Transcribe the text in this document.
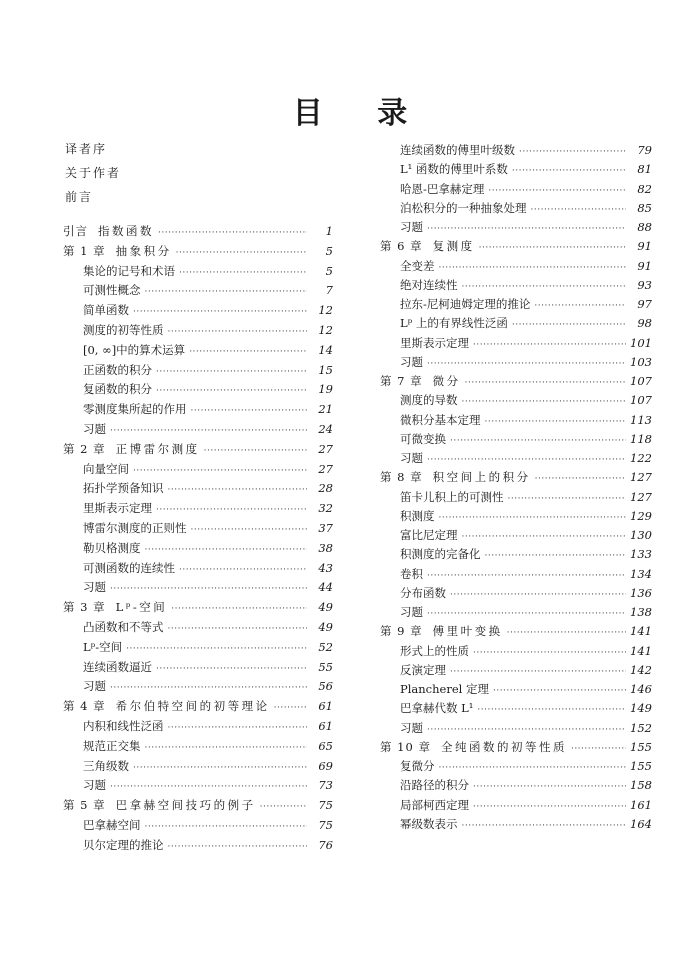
目 录
译者序
关于作者
前言
引言 指数函数 ·····	1
第 1 章 抽象积分 ·····	5
集论的记号和术语 ·····	5
可测性概念 ·····	7
简单函数 ·····	12
测度的初等性质 ·····	12
[0, ∞]中的算术运算 ·····	14
正函数的积分 ·····	15
复函数的积分 ·····	19
零测度集所起的作用 ·····	21
习题 ·····	24
第 2 章 正博雷尔测度 ·····	27
向量空间 ·····	27
拓扑学预备知识 ·····	28
里斯表示定理 ·····	32
博雷尔测度的正则性 ·····	37
勒贝格测度 ·····	38
可测函数的连续性 ·····	43
习题 ·····	44
第 3 章 Lᵖ-空间 ·····	49
凸函数和不等式 ·····	49
Lᵖ-空间 ·····	52
连续函数逼近 ·····	55
习题 ·····	56
第 4 章 希尔伯特空间的初等理论 ·····	61
内积和线性泛函 ·····	61
规范正交集 ·····	65
三角级数 ·····	69
习题 ·····	73
第 5 章 巴拿赫空间技巧的例子 ·····	75
巴拿赫空间 ·····	75
贝尔定理的推论 ·····	76
连续函数的傅里叶级数 ·····	79
L¹ 函数的傅里叶系数 ·····	81
哈恩-巴拿赫定理 ·····	82
泊松积分的一种抽象处理 ·····	85
习题 ·····	88
第 6 章 复测度 ·····	91
全变差 ·····	91
绝对连续性 ·····	93
拉东-尼柯迪姆定理的推论 ·····	97
Lᵖ 上的有界线性泛函 ·····	98
里斯表示定理 ·····	101
习题 ·····	103
第 7 章 微分 ·····	107
测度的导数 ·····	107
微积分基本定理 ·····	113
可微变换 ·····	118
习题 ·····	122
第 8 章 积空间上的积分 ·····	127
笛卡儿积上的可测性 ·····	127
积测度 ·····	129
富比尼定理 ·····	130
积测度的完备化 ·····	133
卷积 ·····	134
分布函数 ·····	136
习题 ·····	138
第 9 章 傅里叶变换 ·····	141
形式上的性质 ·····	141
反演定理 ·····	142
Plancherel 定理 ·····	146
巴拿赫代数 L¹ ·····	149
习题 ·····	152
第 10 章 全纯函数的初等性质 ·····	155
复微分 ·····	155
沿路径的积分 ·····	158
局部柯西定理 ·····	161
幂级数表示 ·····	164
